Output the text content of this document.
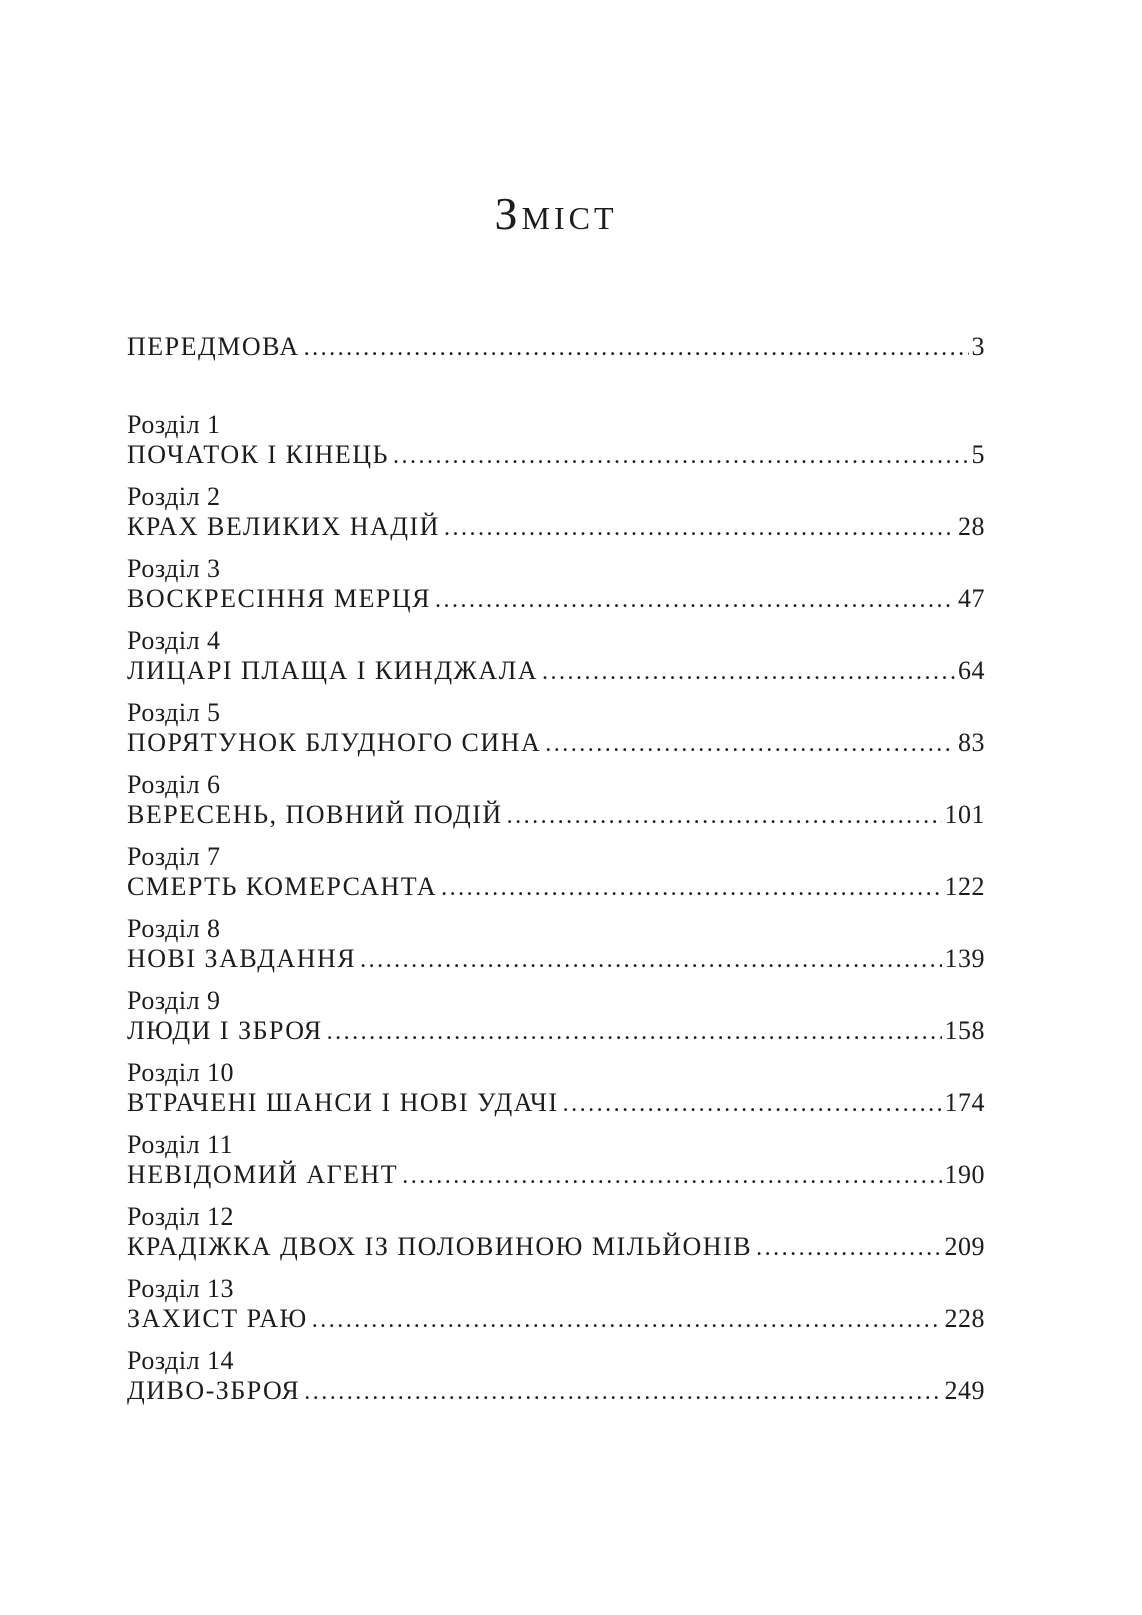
Зміст
ПЕРЕДМОВА .....	3
Розділ 1
ПОЧАТОК І КІНЕЦЬ .....	5
Розділ 2
КРАХ ВЕЛИКИХ НАДІЙ .....	28
Розділ 3
ВОСКРЕСІННЯ МЕРЦЯ .....	47
Розділ 4
ЛИЦАРІ ПЛАЩА І КИНДЖАЛА .....	64
Розділ 5
ПОРЯТУНОК БЛУДНОГО СИНА .....	83
Розділ 6
ВЕРЕСЕНЬ, ПОВНИЙ ПОДІЙ .....	101
Розділ 7
СМЕРТЬ КОМЕРСАНТА .....	122
Розділ 8
НОВІ ЗАВДАННЯ .....	139
Розділ 9
ЛЮДИ І ЗБРОЯ .....	158
Розділ 10
ВТРАЧЕНІ ШАНСИ І НОВІ УДАЧІ .....	174
Розділ 11
НЕВІДОМИЙ АГЕНТ .....	190
Розділ 12
КРАДІЖКА ДВОХ ІЗ ПОЛОВИНОЮ МІЛЬЙОНІВ .....	209
Розділ 13
ЗАХИСТ РАЮ .....	228
Розділ 14
ДИВО-ЗБРОЯ .....	249
